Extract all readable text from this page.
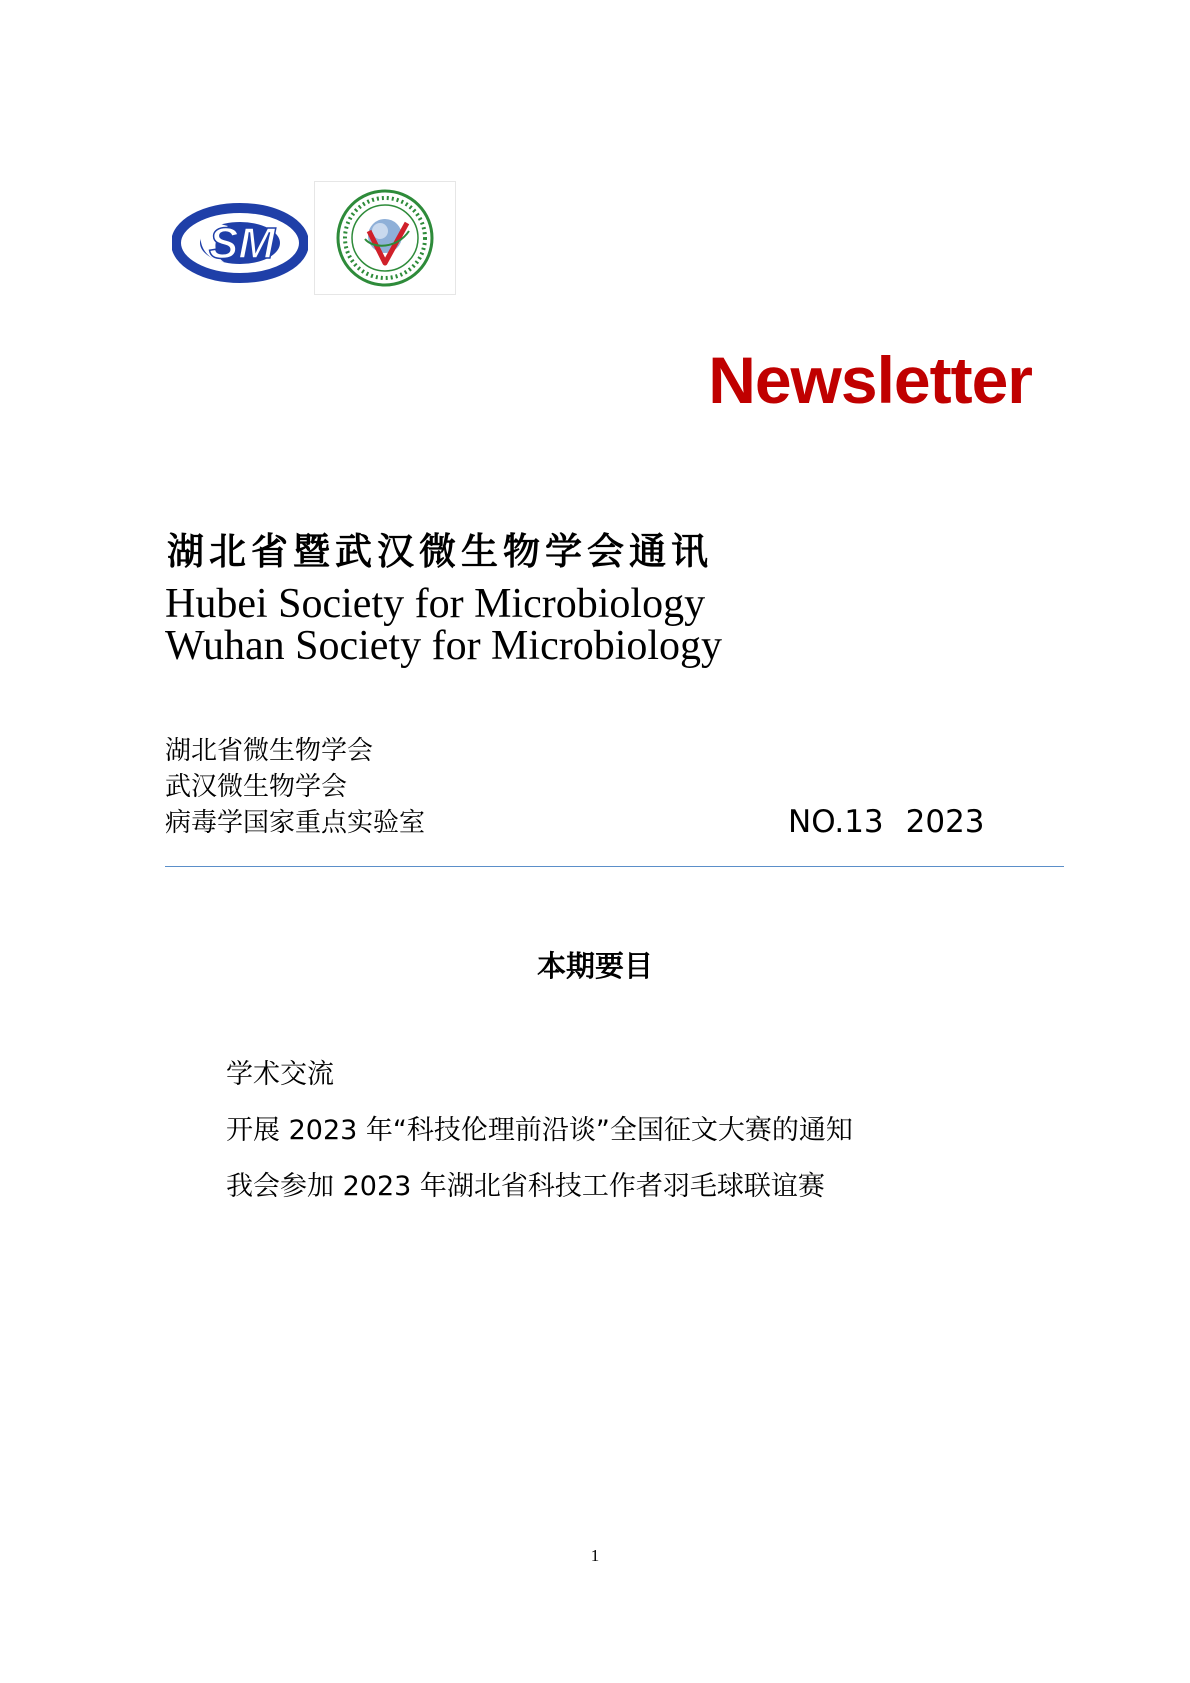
SM
Newsletter
湖北省暨武汉微生物学会通讯
Hubei Society for Microbiology
Wuhan Society for Microbiology
湖北省微生物学会
武汉微生物学会
病毒学国家重点实验室	NO.13 2023
本期要目
学术交流
开展 2023 年“科技伦理前沿谈”全国征文大赛的通知
我会参加 2023 年湖北省科技工作者羽毛球联谊赛
1
